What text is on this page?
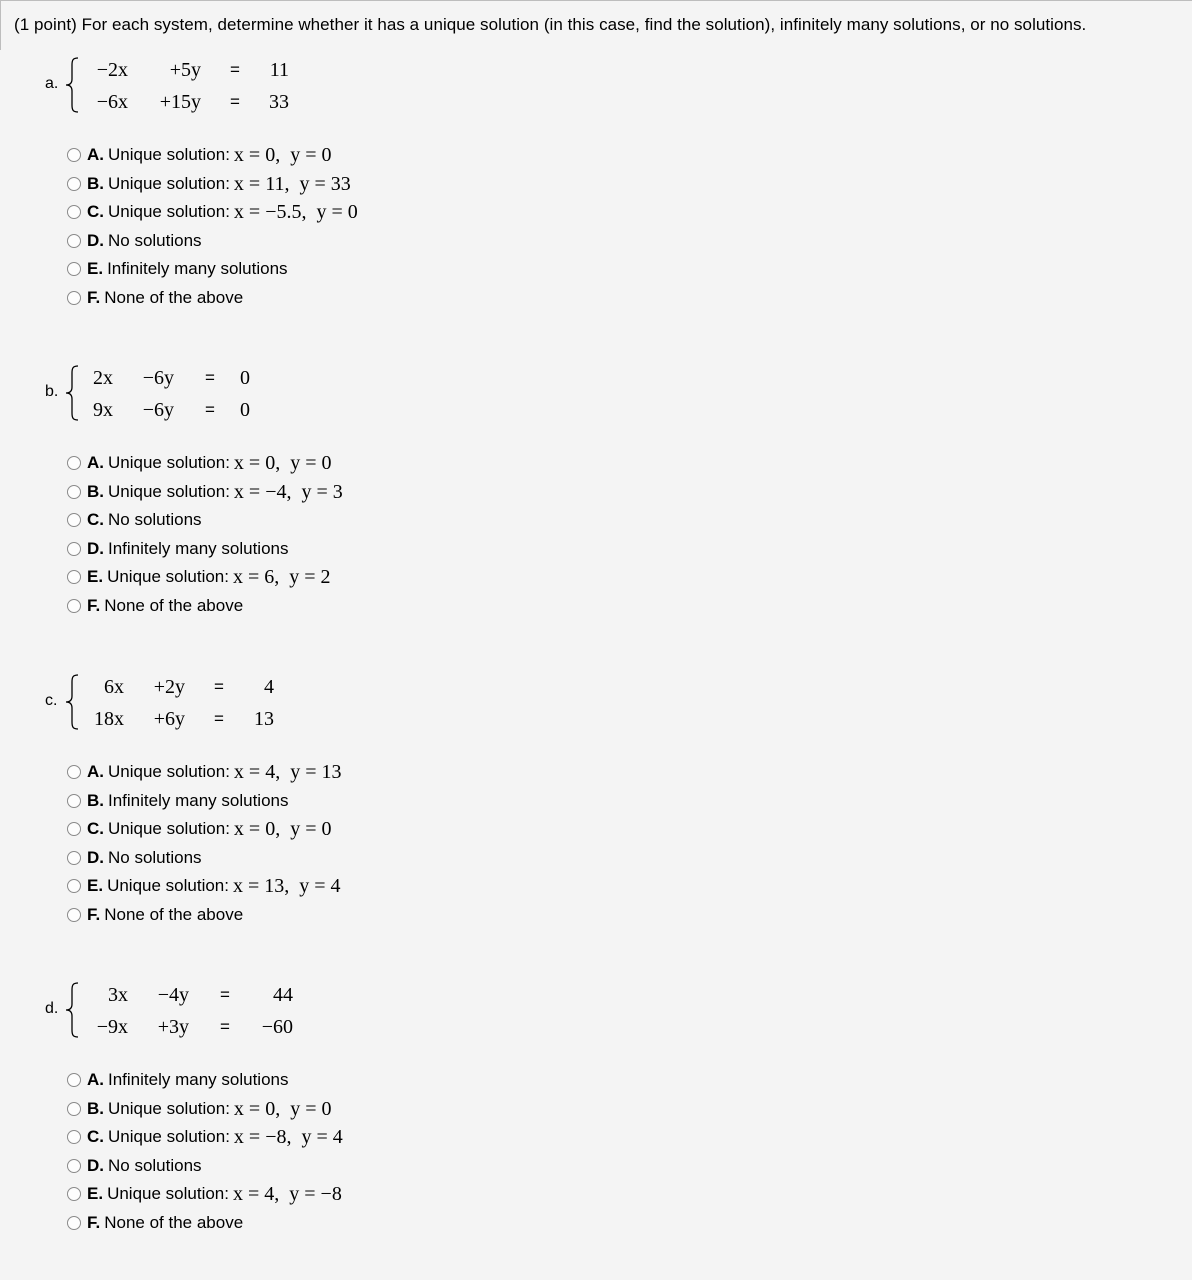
(1 point) For each system, determine whether it has a unique solution (in this case, find the solution), infinitely many solutions, or no solutions.
a.
−2x +5y = 11
−6x +15y = 33
A. Unique solution: x = 0,  y = 0
B. Unique solution: x = 11,  y = 33
C. Unique solution: x = −5.5,  y = 0
D. No solutions
E. Infinitely many solutions
F. None of the above
b.
2x −6y = 0
9x −6y = 0
A. Unique solution: x = 0,  y = 0
B. Unique solution: x = −4,  y = 3
C. No solutions
D. Infinitely many solutions
E. Unique solution: x = 6,  y = 2
F. None of the above
c.
6x +2y = 4
18x +6y = 13
A. Unique solution: x = 4,  y = 13
B. Infinitely many solutions
C. Unique solution: x = 0,  y = 0
D. No solutions
E. Unique solution: x = 13,  y = 4
F. None of the above
d.
3x −4y = 44
−9x +3y = −60
A. Infinitely many solutions
B. Unique solution: x = 0,  y = 0
C. Unique solution: x = −8,  y = 4
D. No solutions
E. Unique solution: x = 4,  y = −8
F. None of the above
